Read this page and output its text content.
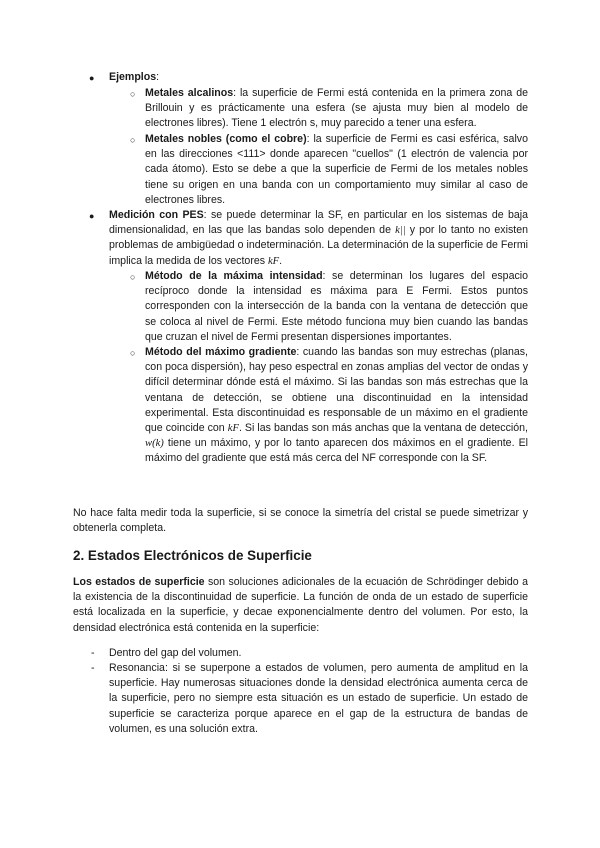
● Ejemplos:
○ Metales alcalinos: la superficie de Fermi está contenida en la primera zona de Brillouin y es prácticamente una esfera (se ajusta muy bien al modelo de electrones libres). Tiene 1 electrón s, muy parecido a tener una esfera.
○ Metales nobles (como el cobre): la superficie de Fermi es casi esférica, salvo en las direcciones <111> donde aparecen "cuellos" (1 electrón de valencia por cada átomo). Esto se debe a que la superficie de Fermi de los metales nobles tiene su origen en una banda con un comportamiento muy similar al caso de electrones libres.
● Medición con PES: se puede determinar la SF, en particular en los sistemas de baja dimensionalidad, en las que las bandas solo dependen de k|| y por lo tanto no existen problemas de ambigüedad o indeterminación. La determinación de la superficie de Fermi implica la medida de los vectores kF.
○ Método de la máxima intensidad: se determinan los lugares del espacio recíproco donde la intensidad es máxima para E Fermi. Estos puntos corresponden con la intersección de la banda con la ventana de detección que se coloca al nivel de Fermi. Este método funciona muy bien cuando las bandas que cruzan el nivel de Fermi presentan dispersiones importantes.
○ Método del máximo gradiente: cuando las bandas son muy estrechas (planas, con poca dispersión), hay peso espectral en zonas amplias del vector de ondas y difícil determinar dónde está el máximo. Si las bandas son más estrechas que la ventana de detección, se obtiene una discontinuidad en la intensidad experimental. Esta discontinuidad es responsable de un máximo en el gradiente que coincide con kF. Si las bandas son más anchas que la ventana de detección, w(k) tiene un máximo, y por lo tanto aparecen dos máximos en el gradiente. El máximo del gradiente que está más cerca del NF corresponde con la SF.
No hace falta medir toda la superficie, si se conoce la simetría del cristal se puede simetrizar y obtenerla completa.
2. Estados Electrónicos de Superficie
Los estados de superficie son soluciones adicionales de la ecuación de Schrödinger debido a la existencia de la discontinuidad de superficie. La función de onda de un estado de superficie está localizada en la superficie, y decae exponencialmente dentro del volumen. Por esto, la densidad electrónica está contenida en la superficie:
- Dentro del gap del volumen.
- Resonancia: si se superpone a estados de volumen, pero aumenta de amplitud en la superficie. Hay numerosas situaciones donde la densidad electrónica aumenta cerca de la superficie, pero no siempre esta situación es un estado de superficie. Un estado de superficie se caracteriza porque aparece en el gap de la estructura de bandas de volumen, es una solución extra.
